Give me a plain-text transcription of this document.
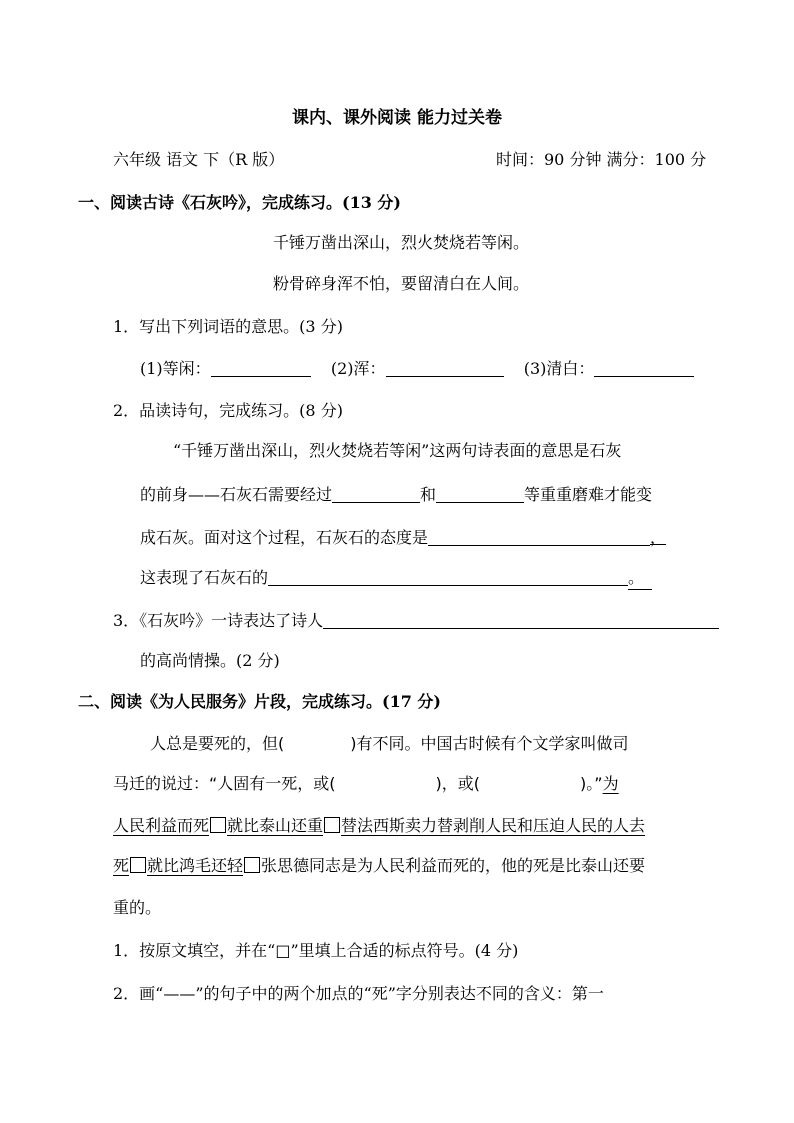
课内、课外阅读 能力过关卷
六年级 语文 下（R 版）	时间：90 分钟 满分：100 分
一、阅读古诗《石灰吟》，完成练习。(13 分)
千锤万凿出深山，烈火焚烧若等闲。
粉骨碎身浑不怕，要留清白在人间。
1．写出下列词语的意思。(3 分)
(1)等闲：	(2)浑：	(3)清白：
2．品读诗句，完成练习。(8 分)
“千锤万凿出深山，烈火焚烧若等闲”这两句诗表面的意思是石灰
的前身——石灰石需要经过	和	等重重磨难才能变
成石灰。面对这个过程，石灰石的态度是	，
这表现了石灰石的	。
3．《石灰吟》一诗表达了诗人
的高尚情操。(2 分)
二、阅读《为人民服务》片段，完成练习。(17 分)
人总是要死的，但(	)有不同。中国古时候有个文学家叫做司
马迁的说过：“人固有一死，或(	)，或(	)。”为
人民利益而死 就比泰山还重 替法西斯卖力替剥削人民和压迫人民的人去
死 就比鸿毛还轻 张思德同志是为人民利益而死的，他的死是比泰山还要
重的。
1．按原文填空，并在“□”里填上合适的标点符号。(4 分)
2．画“——”的句子中的两个加点的“死”字分别表达不同的含义：第一
